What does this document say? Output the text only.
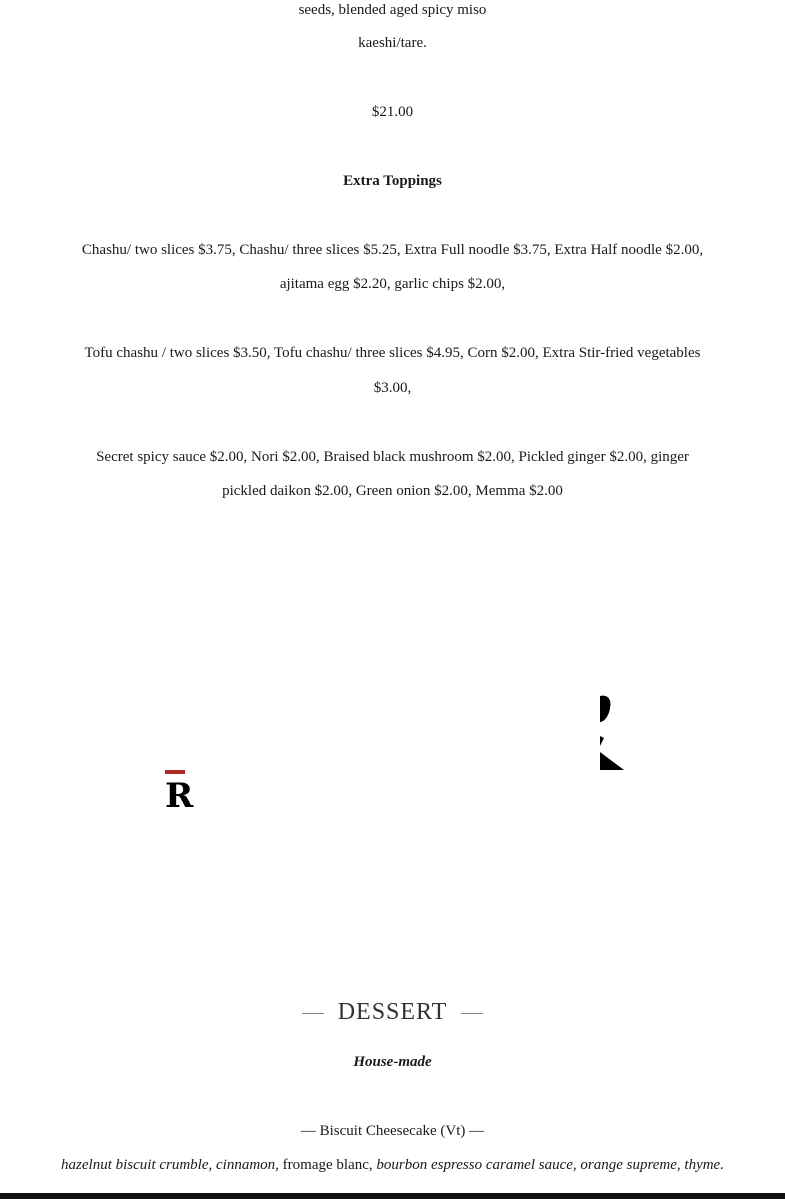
seeds, blended aged spicy miso
kaeshi/tare.
$21.00
Extra Toppings
Chashu/ two slices $3.75, Chashu/ three slices $5.25, Extra Full noodle $3.75, Extra Half noodle $2.00,
ajitama egg $2.20, garlic chips $2.00,
Tofu chashu / two slices $3.50, Tofu chashu/ three slices $4.95, Corn $2.00, Extra Stir-fried vegetables
$3.00,
Secret spicy sauce $2.00, Nori $2.00, Braised black mushroom $2.00, Pickled ginger $2.00, ginger
pickled daikon $2.00, Green onion $2.00, Memma $2.00
R
DESSERT
House-made
— Biscuit Cheesecake (Vt) —
hazelnut biscuit crumble, cinnamon, fromage blanc, bourbon espresso caramel sauce, orange supreme, thyme.
